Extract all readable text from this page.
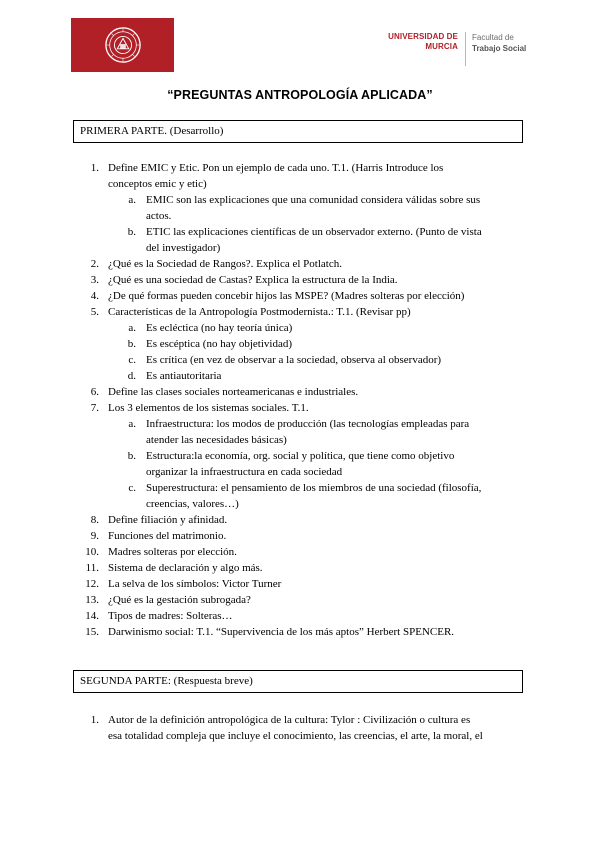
UNIVERSIDAD DE
MURCIA
Facultad de
Trabajo Social
“PREGUNTAS ANTROPOLOGÍA APLICADA”
PRIMERA PARTE. (Desarrollo)
1. Define EMIC y Etic. Pon un ejemplo de cada uno. T.1. (Harris Introduce los
conceptos emic y etic)
a. EMIC son las explicaciones que una comunidad considera válidas sobre sus
actos.
b. ETIC las explicaciones científicas de un observador externo. (Punto de vista
del investigador)
2. ¿Qué es la Sociedad de Rangos?. Explica el Potlatch.
3. ¿Qué es una sociedad de Castas? Explica la estructura de la India.
4. ¿De qué formas pueden concebir hijos las MSPE? (Madres solteras por elección)
5. Características de la Antropología Postmodernista.: T.1. (Revisar pp)
a. Es ecléctica (no hay teoría única)
b. Es escéptica (no hay objetividad)
c. Es crítica (en vez de observar a la sociedad, observa al observador)
d. Es antiautoritaria
6. Define las clases sociales norteamericanas e industriales.
7. Los 3 elementos de los sistemas sociales. T.1.
a. Infraestructura: los modos de producción (las tecnologías empleadas para
atender las necesidades básicas)
b. Estructura:la economía, org. social y política, que tiene como objetivo
organizar la infraestructura en cada sociedad
c. Superestructura: el pensamiento de los miembros de una sociedad (filosofía,
creencias, valores…)
8. Define filiación y afinidad.
9. Funciones del matrimonio.
10. Madres solteras por elección.
11. Sistema de declaración y algo más.
12. La selva de los símbolos: Victor Turner
13. ¿Qué es la gestación subrogada?
14. Tipos de madres: Solteras…
15. Darwinismo social: T.1. “Supervivencia de los más aptos” Herbert SPENCER.
SEGUNDA PARTE: (Respuesta breve)
1. Autor de la definición antropológica de la cultura: Tylor : Civilización o cultura es
esa totalidad compleja que incluye el conocimiento, las creencias, el arte, la moral, el
